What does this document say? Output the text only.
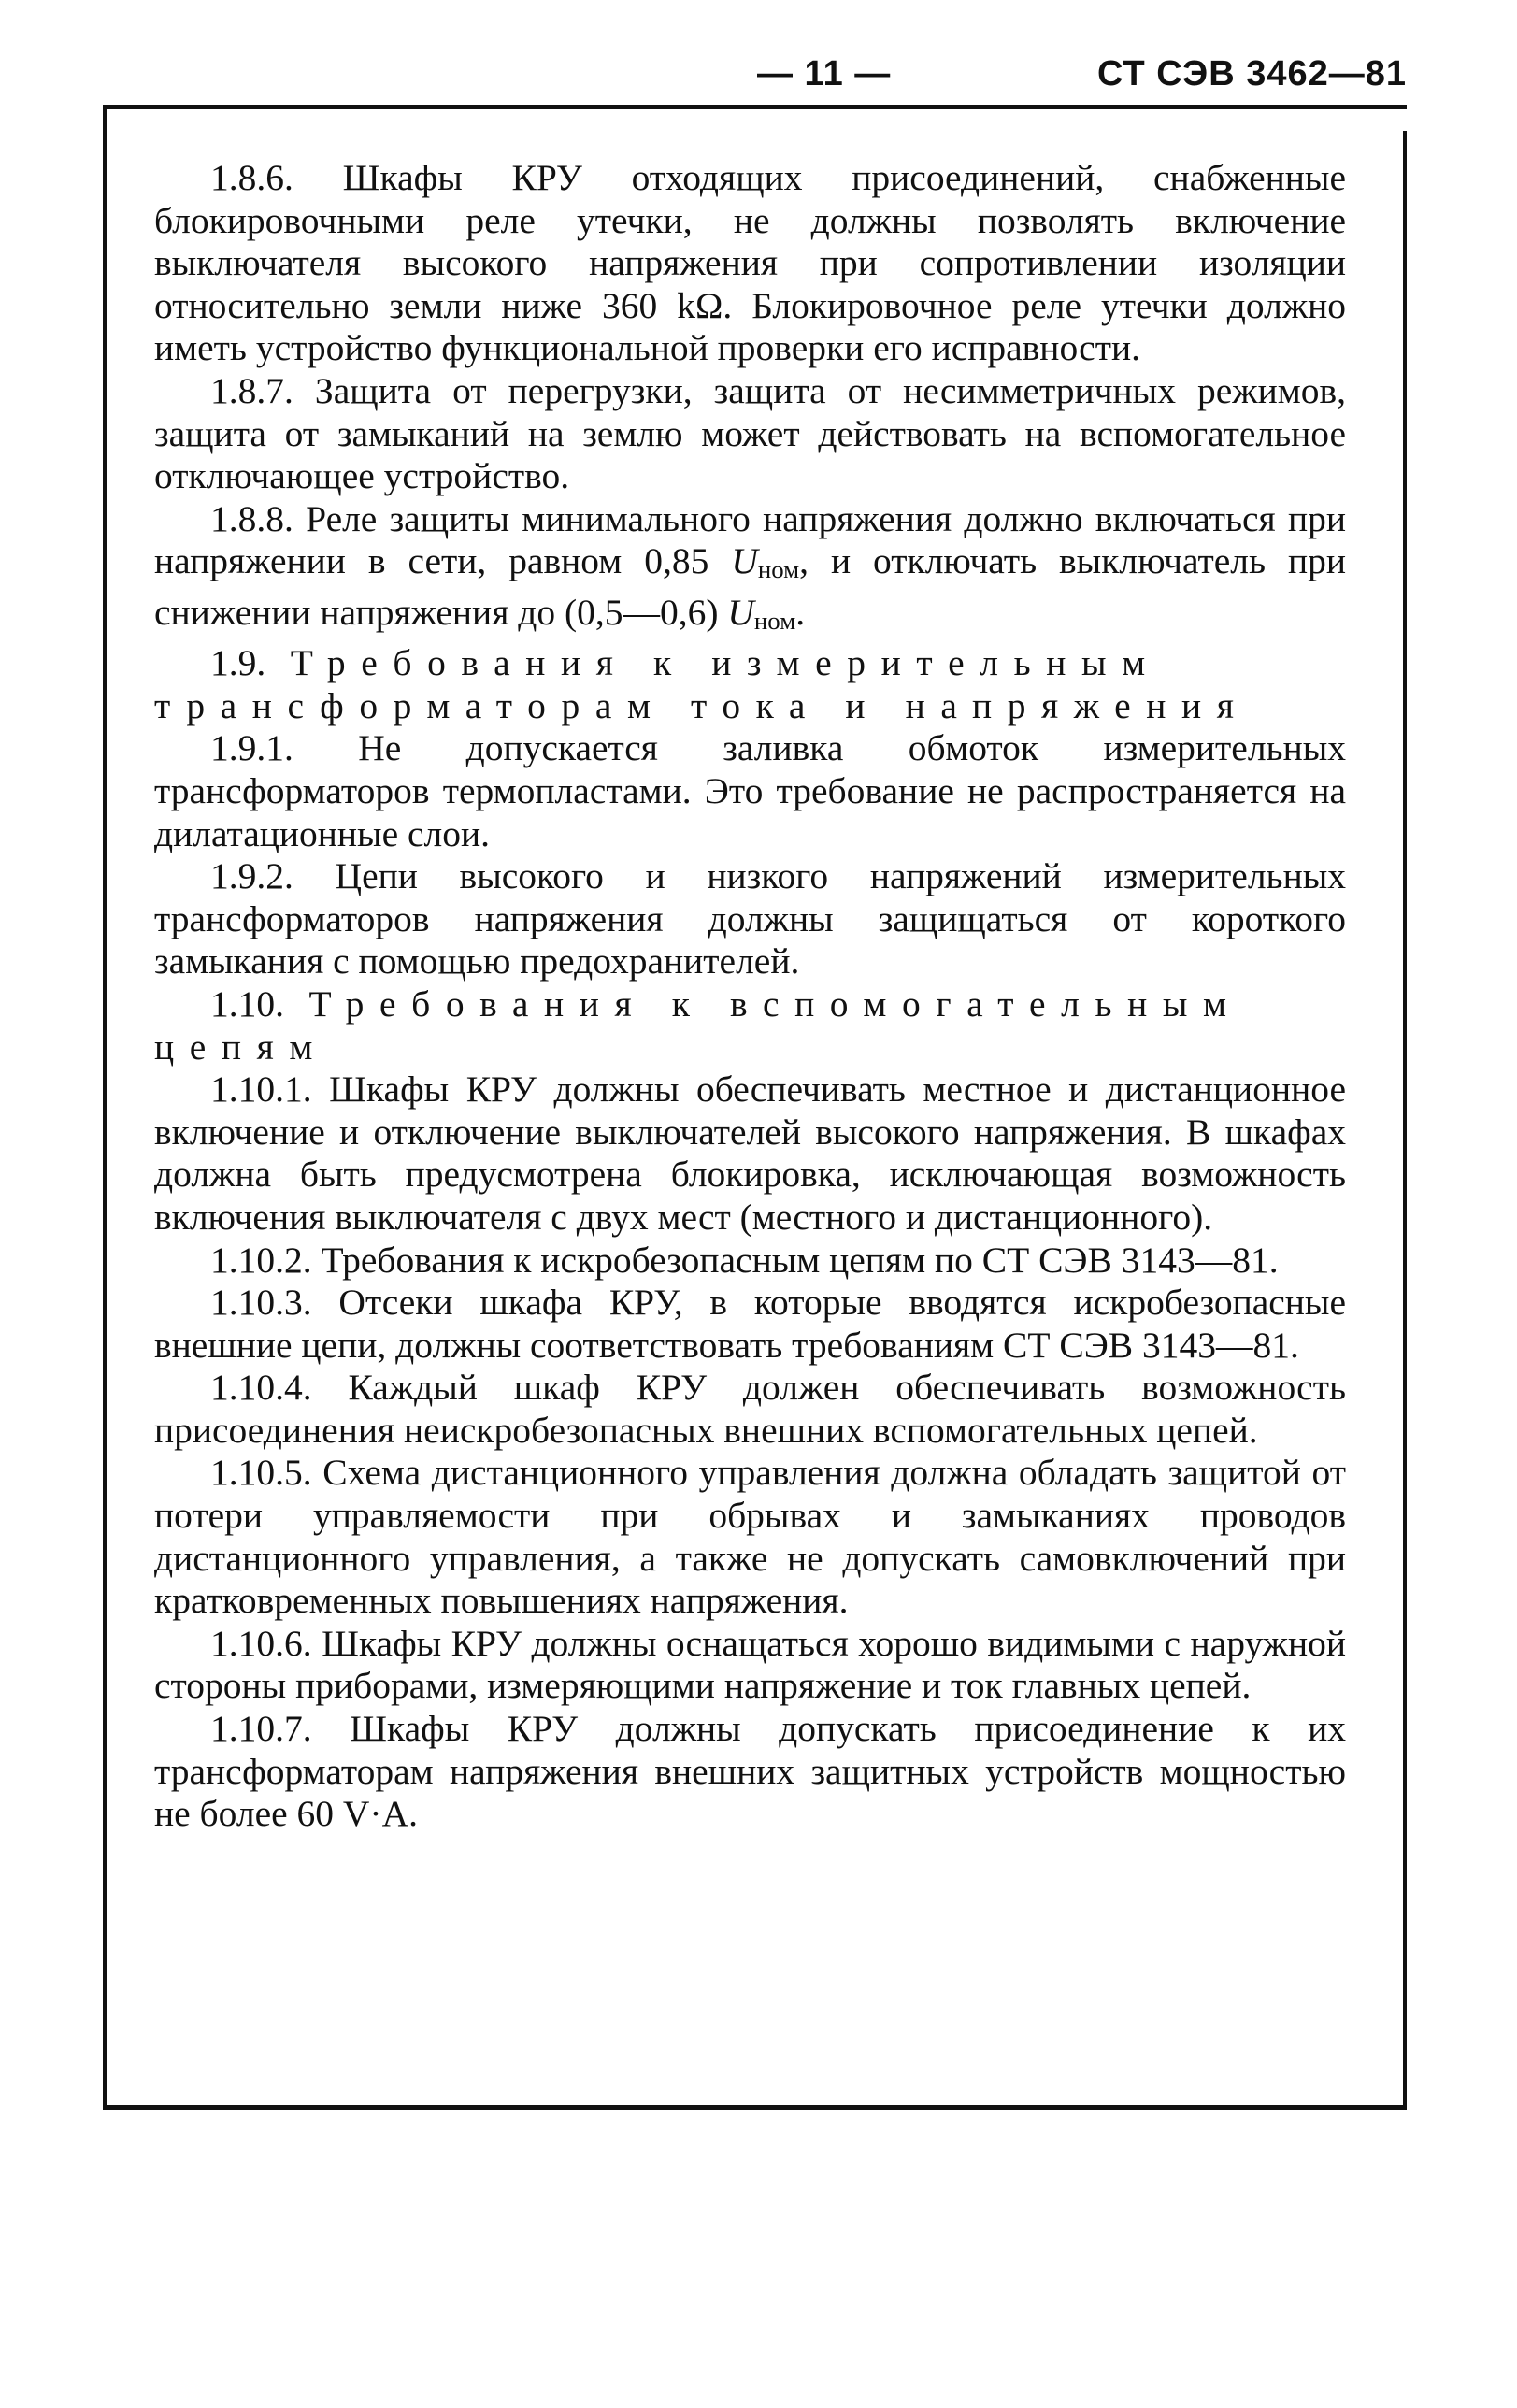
— 11 —	СТ СЭВ 3462—81

1.8.6. Шкафы КРУ отходящих присоединений, снабженные блокировочными реле утечки, не должны позволять включение выключателя высокого напряжения при сопротивлении изоляции относительно земли ниже 360 kΩ. Блокировочное реле утечки должно иметь устройство функциональной проверки его исправности.

1.8.7. Защита от перегрузки, защита от несимметричных режимов, защита от замыканий на землю может действовать на вспомогательное отключающее устройство.

1.8.8. Реле защиты минимального напряжения должно включаться при напряжении в сети, равном 0,85 Uном, и отключать выключатель при снижении напряжения до (0,5—0,6) Uном.

1.9. Требования к измерительным трансформаторам тока и напряжения

1.9.1. Не допускается заливка обмоток измерительных трансформаторов термопластами. Это требование не распространяется на дилатационные слои.

1.9.2. Цепи высокого и низкого напряжений измерительных трансформаторов напряжения должны защищаться от короткого замыкания с помощью предохранителей.

1.10. Требования к вспомогательным цепям

1.10.1. Шкафы КРУ должны обеспечивать местное и дистанционное включение и отключение выключателей высокого напряжения. В шкафах должна быть предусмотрена блокировка, исключающая возможность включения выключателя с двух мест (местного и дистанционного).

1.10.2. Требования к искробезопасным цепям по СТ СЭВ 3143—81.

1.10.3. Отсеки шкафа КРУ, в которые вводятся искробезопасные внешние цепи, должны соответствовать требованиям СТ СЭВ 3143—81.

1.10.4. Каждый шкаф КРУ должен обеспечивать возможность присоединения неискробезопасных внешних вспомогательных цепей.

1.10.5. Схема дистанционного управления должна обладать защитой от потери управляемости при обрывах и замыканиях проводов дистанционного управления, а также не допускать самовключений при кратковременных повышениях напряжения.

1.10.6. Шкафы КРУ должны оснащаться хорошо видимыми с наружной стороны приборами, измеряющими напряжение и ток главных цепей.

1.10.7. Шкафы КРУ должны допускать присоединение к их трансформаторам напряжения внешних защитных устройств мощностью не более 60 V·A.
